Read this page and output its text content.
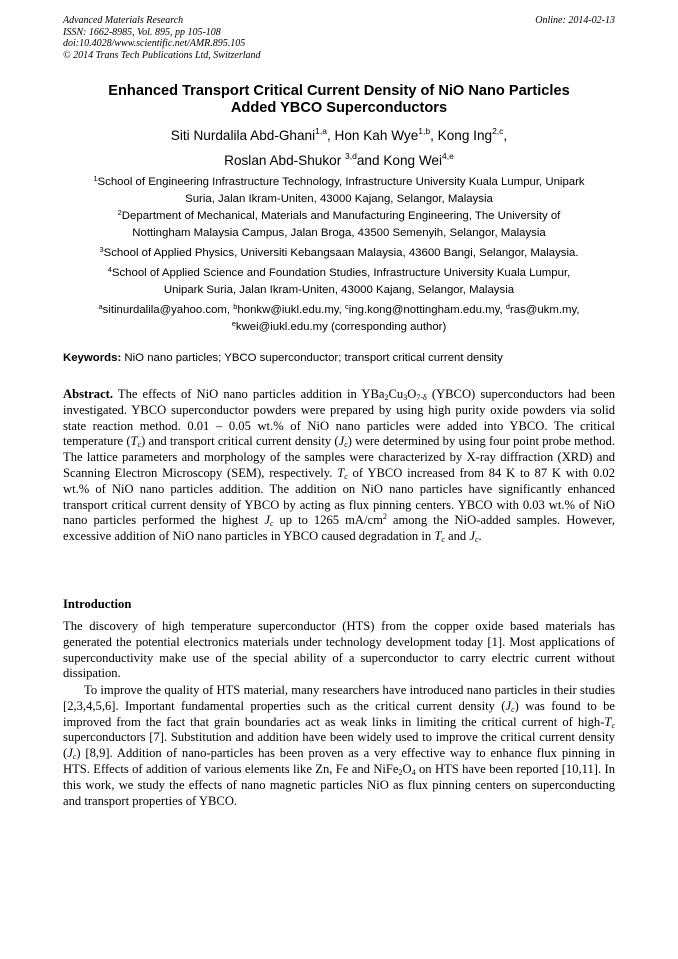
Advanced Materials Research
ISSN: 1662-8985, Vol. 895, pp 105-108
doi:10.4028/www.scientific.net/AMR.895.105
© 2014 Trans Tech Publications Ltd, Switzerland
Online: 2014-02-13
Enhanced Transport Critical Current Density of NiO Nano Particles
Added YBCO Superconductors
Siti Nurdalila Abd-Ghani$^{1,a}$, Hon Kah Wye$^{1,b}$, Kong Ing$^{2,c}$,
Roslan Abd-Shukor $^{3,d}$and Kong Wei$^{4,e}$
$^1$School of Engineering Infrastructure Technology, Infrastructure University Kuala Lumpur, Unipark
Suria, Jalan Ikram-Uniten, 43000 Kajang, Selangor, Malaysia
$^2$Department of Mechanical, Materials and Manufacturing Engineering, The University of
Nottingham Malaysia Campus, Jalan Broga, 43500 Semenyih, Selangor, Malaysia
$^3$School of Applied Physics, Universiti Kebangsaan Malaysia, 43600 Bangi, Selangor, Malaysia.
$^4$School of Applied Science and Foundation Studies, Infrastructure University Kuala Lumpur,
Unipark Suria, Jalan Ikram-Uniten, 43000 Kajang, Selangor, Malaysia
$^a$sitinurdalila@yahoo.com, $^b$honkw@iukl.edu.my, $^c$ing.kong@nottingham.edu.my, $^d$ras@ukm.my,
$^e$kwei@iukl.edu.my (corresponding author)
Keywords: NiO nano particles; YBCO superconductor; transport critical current density

Abstract. The effects of NiO nano particles addition in $YBa_2Cu_3O_{7-\delta}$ (YBCO) superconductors had been investigated. YBCO superconductor powders were prepared by using high purity oxide powders via solid state reaction method. 0.01 – 0.05 wt.% of NiO nano particles were added into YBCO. The critical temperature $(T_c)$ and transport critical current density $(J_c)$ were determined by using four point probe method. The lattice parameters and morphology of the samples were characterized by X-ray diffraction (XRD) and Scanning Electron Microscopy (SEM), respectively. $T_c$ of YBCO increased from 84 K to 87 K with 0.02 wt.% of NiO nano particles addition. The addition on NiO nano particles have significantly enhanced transport critical current density of YBCO by acting as flux pinning centers. YBCO with 0.03 wt.% of NiO nano particles performed the highest $J_c$ up to 1265 $mA/cm^2$ among the NiO-added samples. However, excessive addition of NiO nano particles in YBCO caused degradation in $T_c$ and $J_c$.

Introduction

The discovery of high temperature superconductor (HTS) from the copper oxide based materials has generated the potential electronics materials under technology development today [1]. Most applications of superconductivity make use of the special ability of a superconductor to carry electric current without dissipation.

To improve the quality of HTS material, many researchers have introduced nano particles in their studies [2,3,4,5,6]. Important fundamental properties such as the critical current density $(J_c)$ was found to be improved from the fact that grain boundaries act as weak links in limiting the critical current of high-$T_c$ superconductors [7]. Substitution and addition have been widely used to improve the critical current density $(J_c)$ [8,9]. Addition of nano-particles has been proven as a very effective way to enhance flux pinning in HTS. Effects of addition of various elements like Zn, Fe and $NiFe_2O_4$ on HTS have been reported [10,11]. In this work, we study the effects of nano magnetic particles NiO as flux pinning centers on superconducting and transport properties of YBCO.
